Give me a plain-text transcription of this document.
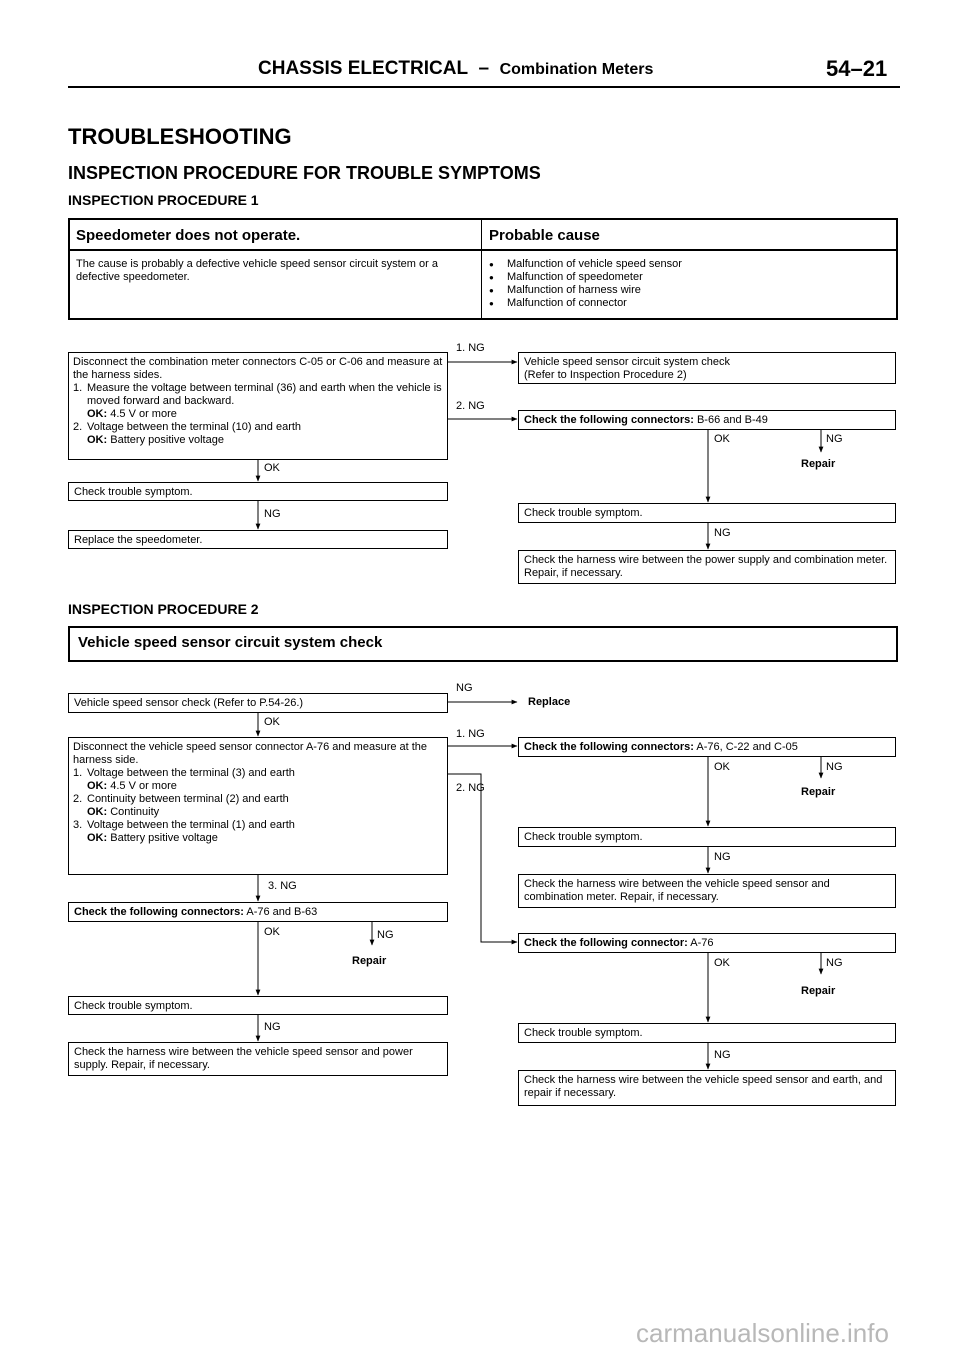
CHASSIS ELECTRICAL – Combination Meters	54–21
TROUBLESHOOTING
INSPECTION PROCEDURE FOR TROUBLE SYMPTOMS
INSPECTION PROCEDURE 1
Speedometer does not operate.	Probable cause
The cause is probably a defective vehicle speed sensor circuit system or a defective speedometer.
● Malfunction of vehicle speed sensor
● Malfunction of speedometer
● Malfunction of harness wire
● Malfunction of connector
Disconnect the combination meter connectors C-05 or C-06 and measure at the harness sides.
1. Measure the voltage between terminal (36) and earth when the vehicle is moved forward and backward.
OK: 4.5 V or more
2. Voltage between the terminal (10) and earth
OK: Battery positive voltage
1. NG
2. NG
Vehicle speed sensor circuit system check
(Refer to Inspection Procedure 2)
Check the following connectors: B-66 and B-49
OK	NG
Repair
Check trouble symptom.
NG
Check the harness wire between the power supply and combination meter. Repair, if necessary.
OK
Check trouble symptom.
NG
Replace the speedometer.
INSPECTION PROCEDURE 2
Vehicle speed sensor circuit system check
Vehicle speed sensor check (Refer to P.54-26.)
NG
Replace
OK
Disconnect the vehicle speed sensor connector A-76 and measure at the harness side.
1. Voltage between the terminal (3) and earth
OK: 4.5 V or more
2. Continuity between terminal (2) and earth
OK: Continuity
3. Voltage between the terminal (1) and earth
OK: Battery psitive voltage
1. NG
2. NG
3. NG
Check the following connectors: A-76, C-22 and C-05
OK	NG
Repair
Check trouble symptom.
NG
Check the harness wire between the vehicle speed sensor and combination meter. Repair, if necessary.
Check the following connector: A-76
OK	NG
Repair
Check trouble symptom.
NG
Check the harness wire between the vehicle speed sensor and earth, and repair if necessary.
Check the following connectors: A-76 and B-63
OK	NG
Repair
Check trouble symptom.
NG
Check the harness wire between the vehicle speed sensor and power supply. Repair, if necessary.
carmanualsonline.info
